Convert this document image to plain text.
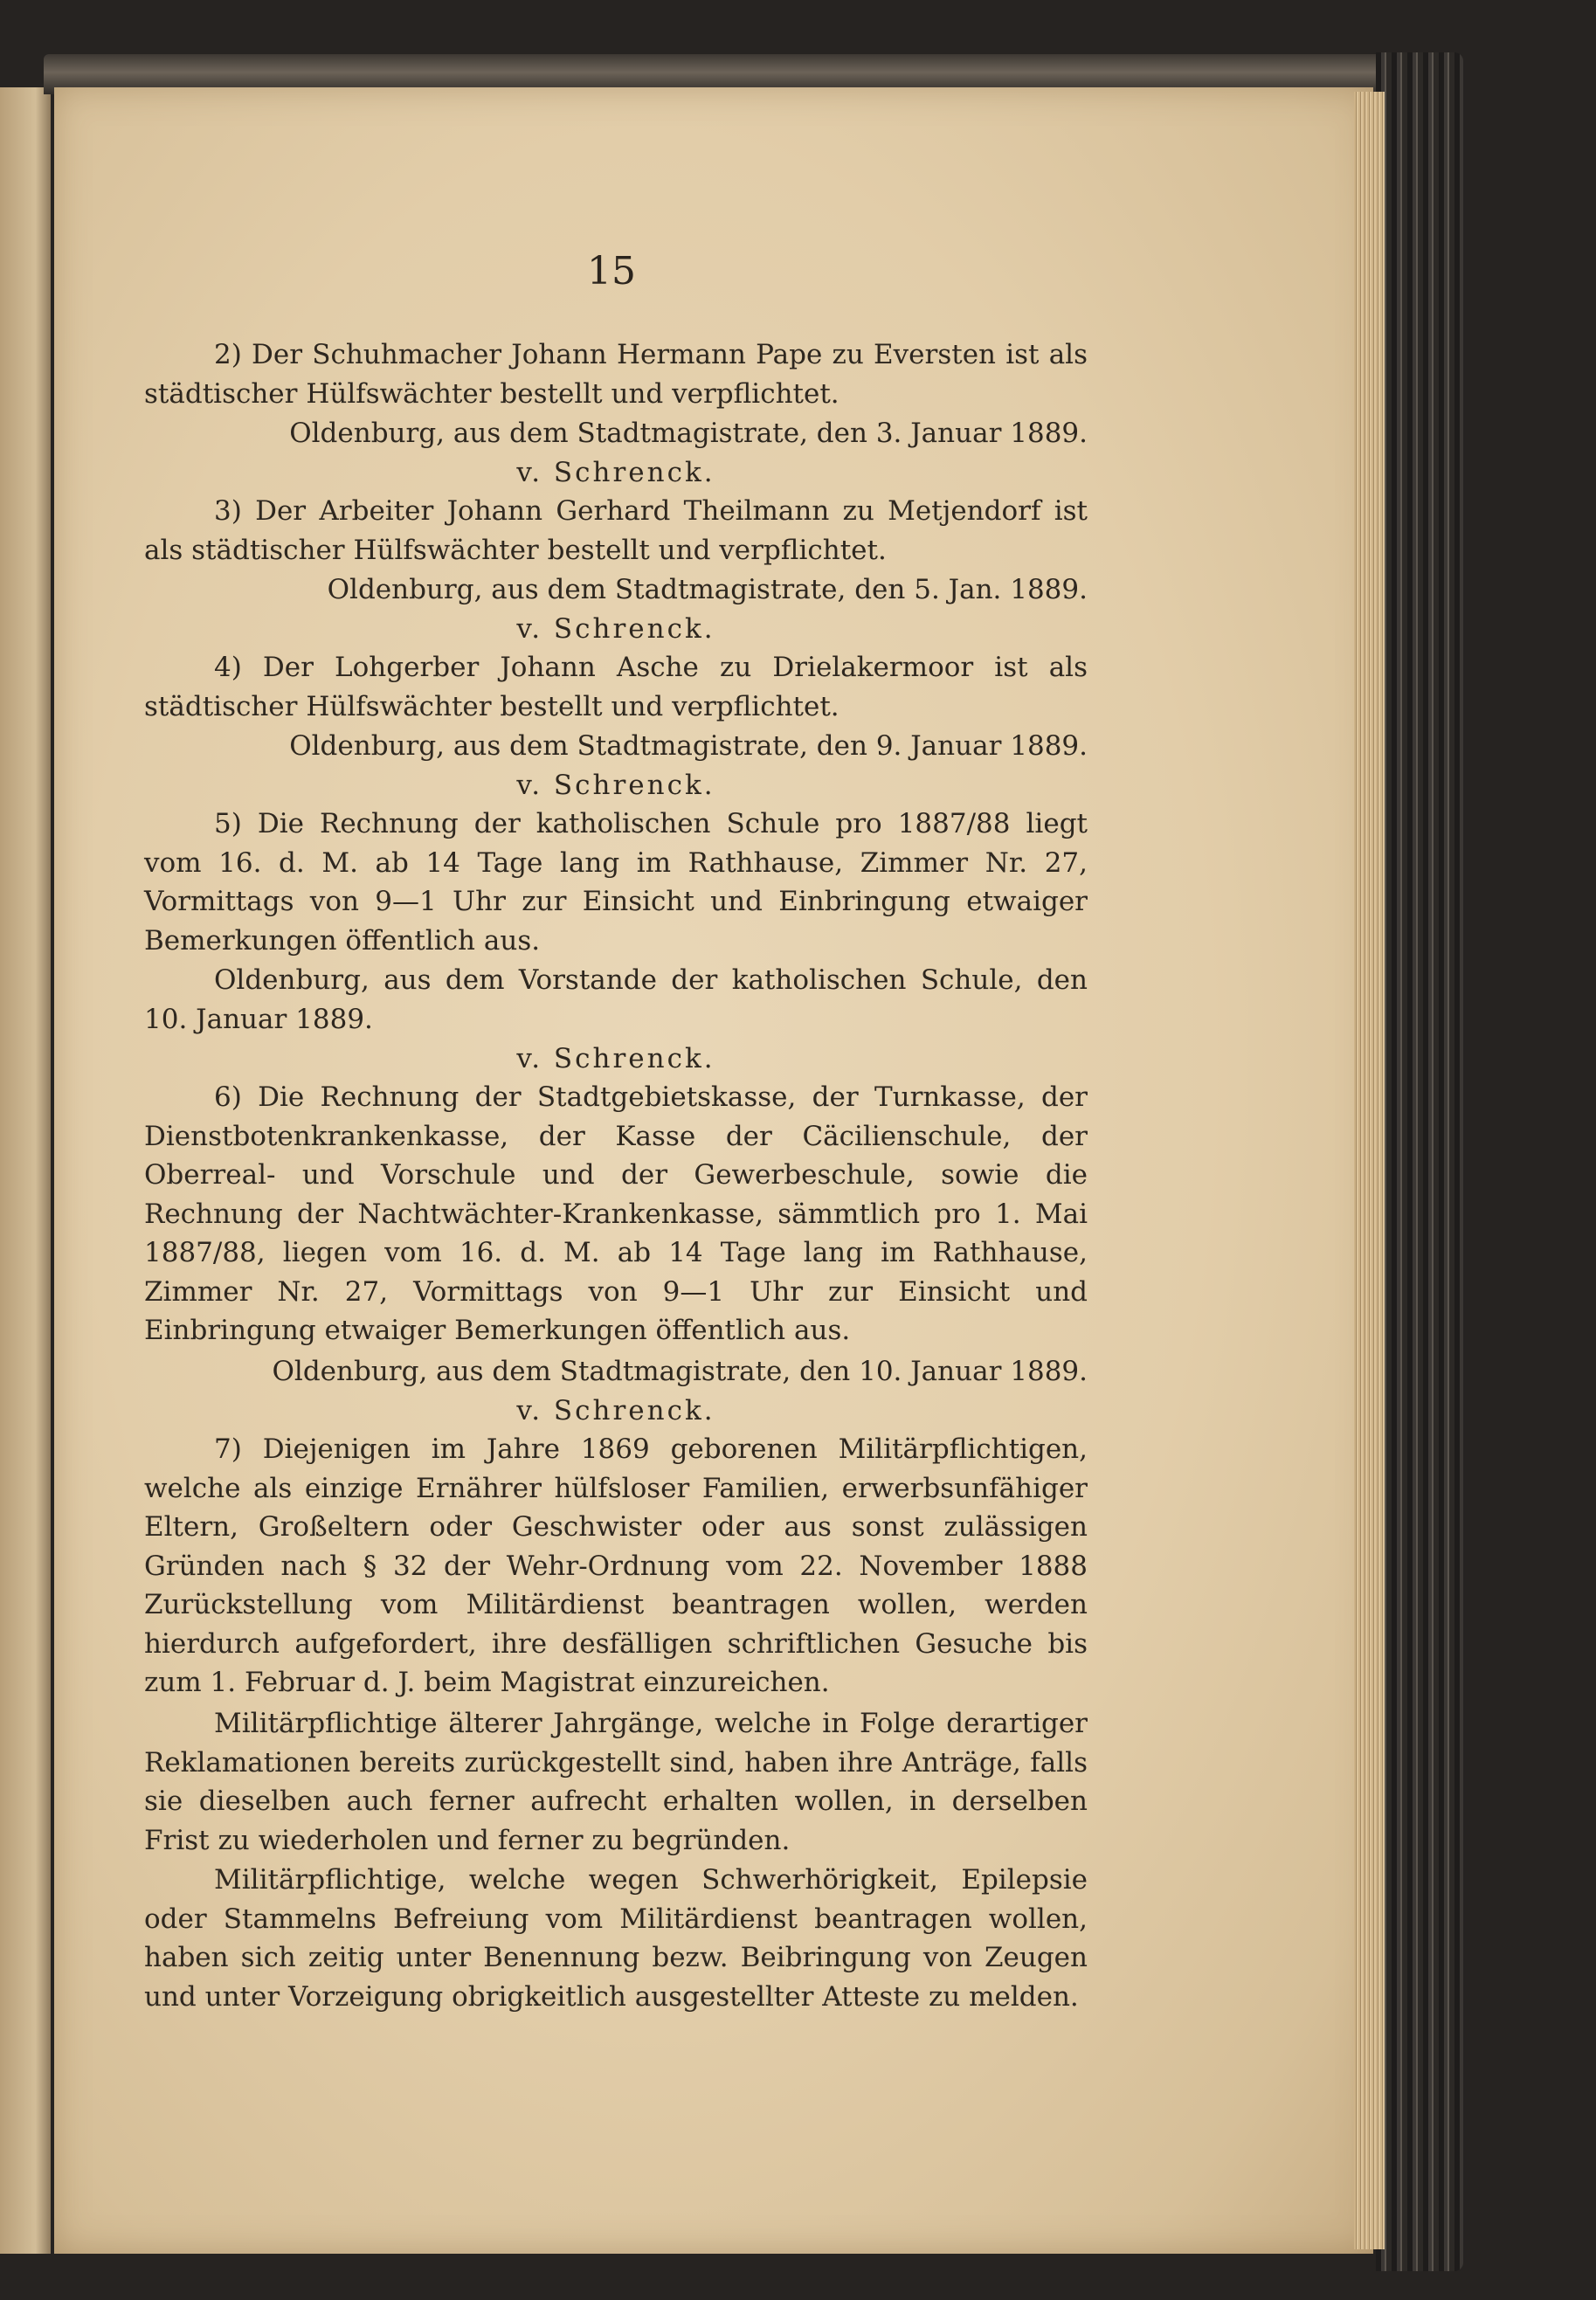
15
2) Der Schuhmacher Johann Hermann Pape zu Eversten ist als städtischer Hülfswächter bestellt und verpflichtet.
Oldenburg, aus dem Stadtmagistrate, den 3. Januar 1889.
v. Schrenck.
3) Der Arbeiter Johann Gerhard Theilmann zu Metjendorf ist als städtischer Hülfswächter bestellt und verpflichtet.
Oldenburg, aus dem Stadtmagistrate, den 5. Jan. 1889.
v. Schrenck.
4) Der Lohgerber Johann Asche zu Drielakermoor ist als städtischer Hülfswächter bestellt und verpflichtet.
Oldenburg, aus dem Stadtmagistrate, den 9. Januar 1889.
v. Schrenck.
5) Die Rechnung der katholischen Schule pro 1887/88 liegt vom 16. d. M. ab 14 Tage lang im Rathhause, Zimmer Nr. 27, Vormittags von 9—1 Uhr zur Einsicht und Einbringung etwaiger Bemerkungen öffentlich aus.
Oldenburg, aus dem Vorstande der katholischen Schule, den 10. Januar 1889.
v. Schrenck.
6) Die Rechnung der Stadtgebietskasse, der Turnkasse, der Dienstbotenkrankenkasse, der Kasse der Cäcilienschule, der Oberreal- und Vorschule und der Gewerbeschule, sowie die Rechnung der Nachtwächter-Krankenkasse, sämmtlich pro 1. Mai 1887/88, liegen vom 16. d. M. ab 14 Tage lang im Rathhause, Zimmer Nr. 27, Vormittags von 9—1 Uhr zur Einsicht und Einbringung etwaiger Bemerkungen öffentlich aus.
Oldenburg, aus dem Stadtmagistrate, den 10. Januar 1889.
v. Schrenck.
7) Diejenigen im Jahre 1869 geborenen Militärpflichtigen, welche als einzige Ernährer hülfsloser Familien, erwerbsunfähiger Eltern, Großeltern oder Geschwister oder aus sonst zulässigen Gründen nach § 32 der Wehr-Ordnung vom 22. November 1888 Zurückstellung vom Militärdienst beantragen wollen, werden hierdurch aufgefordert, ihre desfälligen schriftlichen Gesuche bis zum 1. Februar d. J. beim Magistrat einzureichen.
Militärpflichtige älterer Jahrgänge, welche in Folge derartiger Reklamationen bereits zurückgestellt sind, haben ihre Anträge, falls sie dieselben auch ferner aufrecht erhalten wollen, in derselben Frist zu wiederholen und ferner zu begründen.
Militärpflichtige, welche wegen Schwerhörigkeit, Epilepsie oder Stammelns Befreiung vom Militärdienst beantragen wollen, haben sich zeitig unter Benennung bezw. Beibringung von Zeugen und unter Vorzeigung obrigkeitlich ausgestellter Atteste zu melden.
